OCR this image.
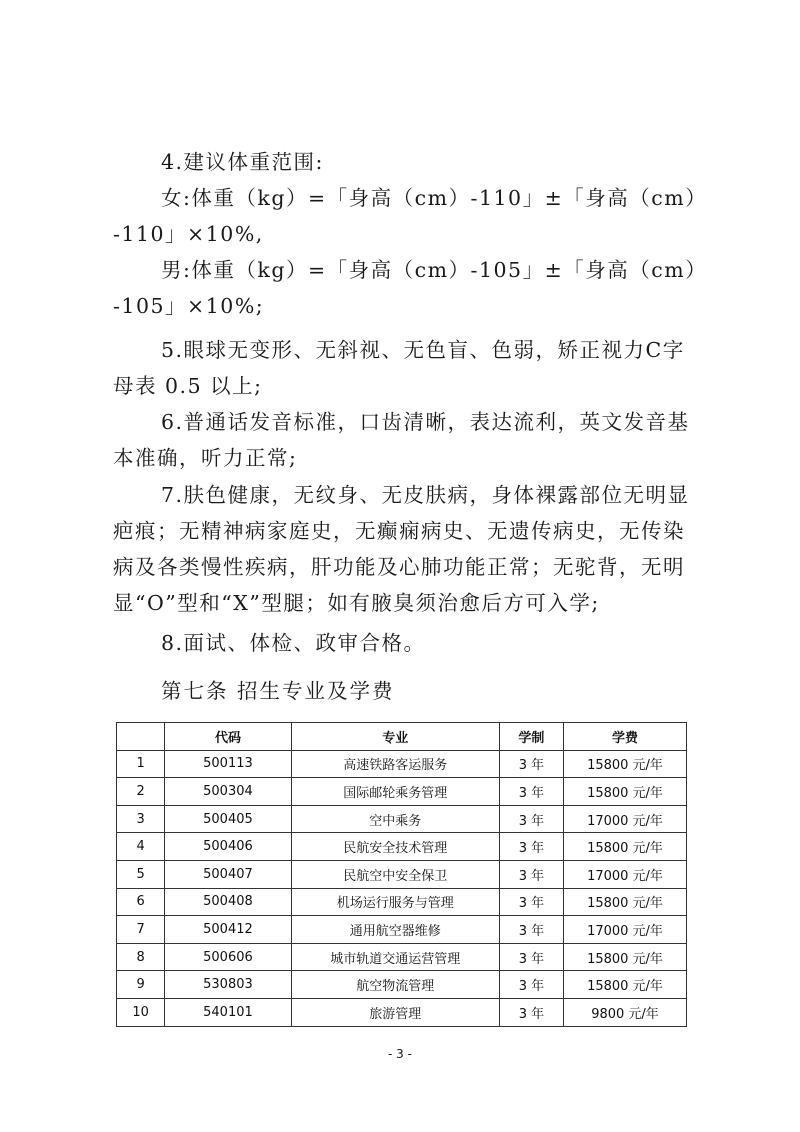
4.建议体重范围:
女:体重（kg）=「身高（cm）-110」±「身高（cm）
-110」×10%,
男:体重（kg）=「身高（cm）-105」±「身高（cm）
-105」×10%;
5.眼球无变形、无斜视、无色盲、色弱，矫正视力C字
母表 0.5 以上;
6.普通话发音标准，口齿清晰，表达流利，英文发音基
本准确，听力正常;
7.肤色健康，无纹身、无皮肤病，身体裸露部位无明显
疤痕；无精神病家庭史，无癫痫病史、无遗传病史，无传染
病及各类慢性疾病，肝功能及心肺功能正常；无驼背，无明
显“O”型和“X”型腿；如有腋臭须治愈后方可入学;
8.面试、体检、政审合格。
第七条 招生专业及学费
	代码	专业	学制	学费
1	500113	高速铁路客运服务	3 年	15800 元/年
2	500304	国际邮轮乘务管理	3 年	15800 元/年
3	500405	空中乘务	3 年	17000 元/年
4	500406	民航安全技术管理	3 年	15800 元/年
5	500407	民航空中安全保卫	3 年	17000 元/年
6	500408	机场运行服务与管理	3 年	15800 元/年
7	500412	通用航空器维修	3 年	17000 元/年
8	500606	城市轨道交通运营管理	3 年	15800 元/年
9	530803	航空物流管理	3 年	15800 元/年
10	540101	旅游管理	3 年	9800 元/年
- 3 -
